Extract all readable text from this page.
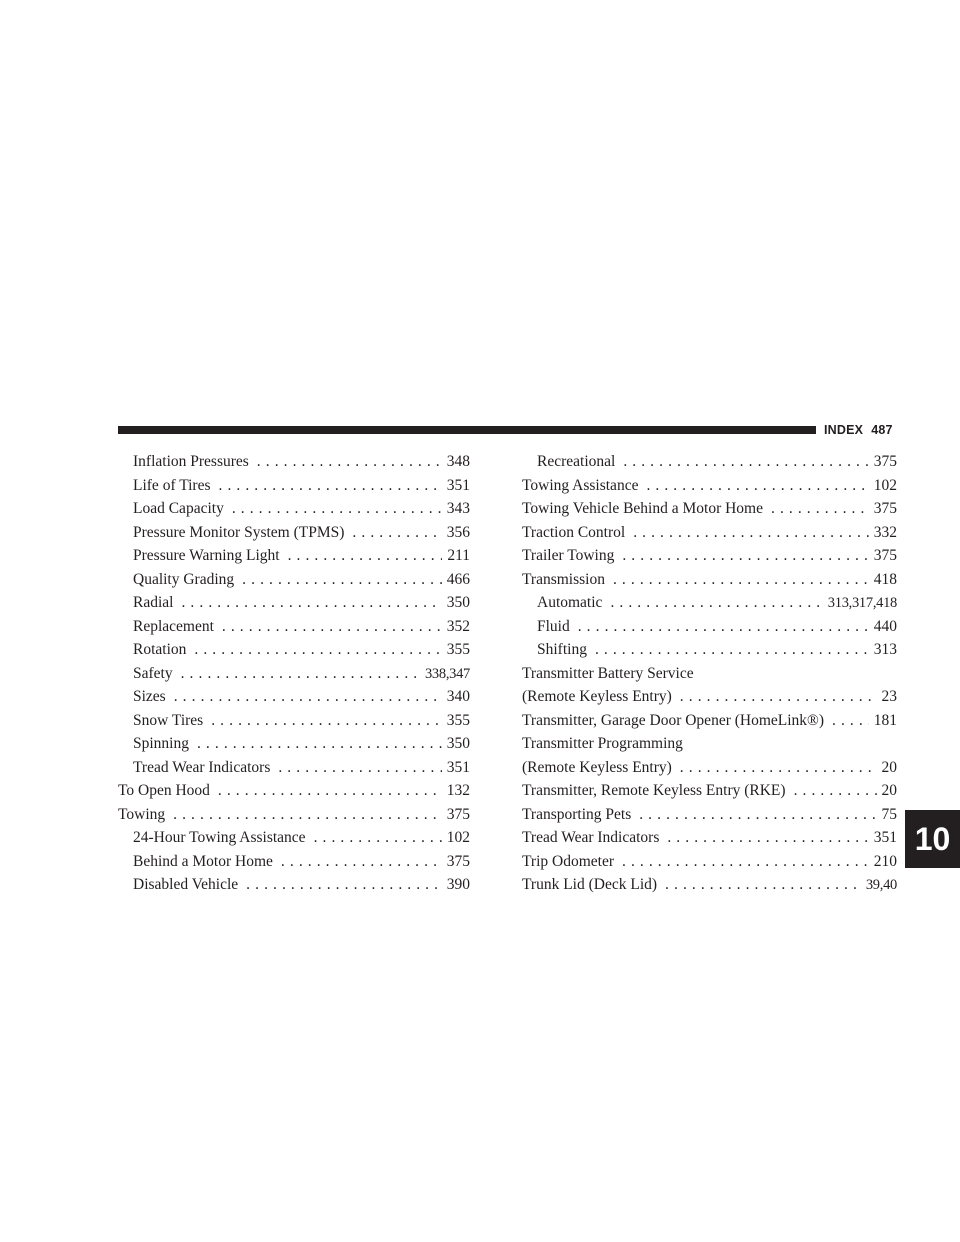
INDEX 487
Inflation Pressures . . .	348
Life of Tires . . .	351
Load Capacity . . .	343
Pressure Monitor System (TPMS) . . .	356
Pressure Warning Light . . .	211
Quality Grading . . .	466
Radial . . .	350
Replacement . . .	352
Rotation . . .	355
Safety . . .	338,347
Sizes . . .	340
Snow Tires . . .	355
Spinning . . .	350
Tread Wear Indicators . . .	351
To Open Hood . . .	132
Towing . . .	375
24-Hour Towing Assistance . . .	102
Behind a Motor Home . . .	375
Disabled Vehicle . . .	390
Recreational . . .	375
Towing Assistance . . .	102
Towing Vehicle Behind a Motor Home . . .	375
Traction Control . . .	332
Trailer Towing . . .	375
Transmission . . .	418
Automatic . . .	313,317,418
Fluid . . .	440
Shifting . . .	313
Transmitter Battery Service
(Remote Keyless Entry) . . .	23
Transmitter, Garage Door Opener (HomeLink®) . . .	181
Transmitter Programming
(Remote Keyless Entry) . . .	20
Transmitter, Remote Keyless Entry (RKE) . . .	20
Transporting Pets . . .	75
Tread Wear Indicators . . .	351
Trip Odometer . . .	210
Trunk Lid (Deck Lid) . . .	39,40
10
